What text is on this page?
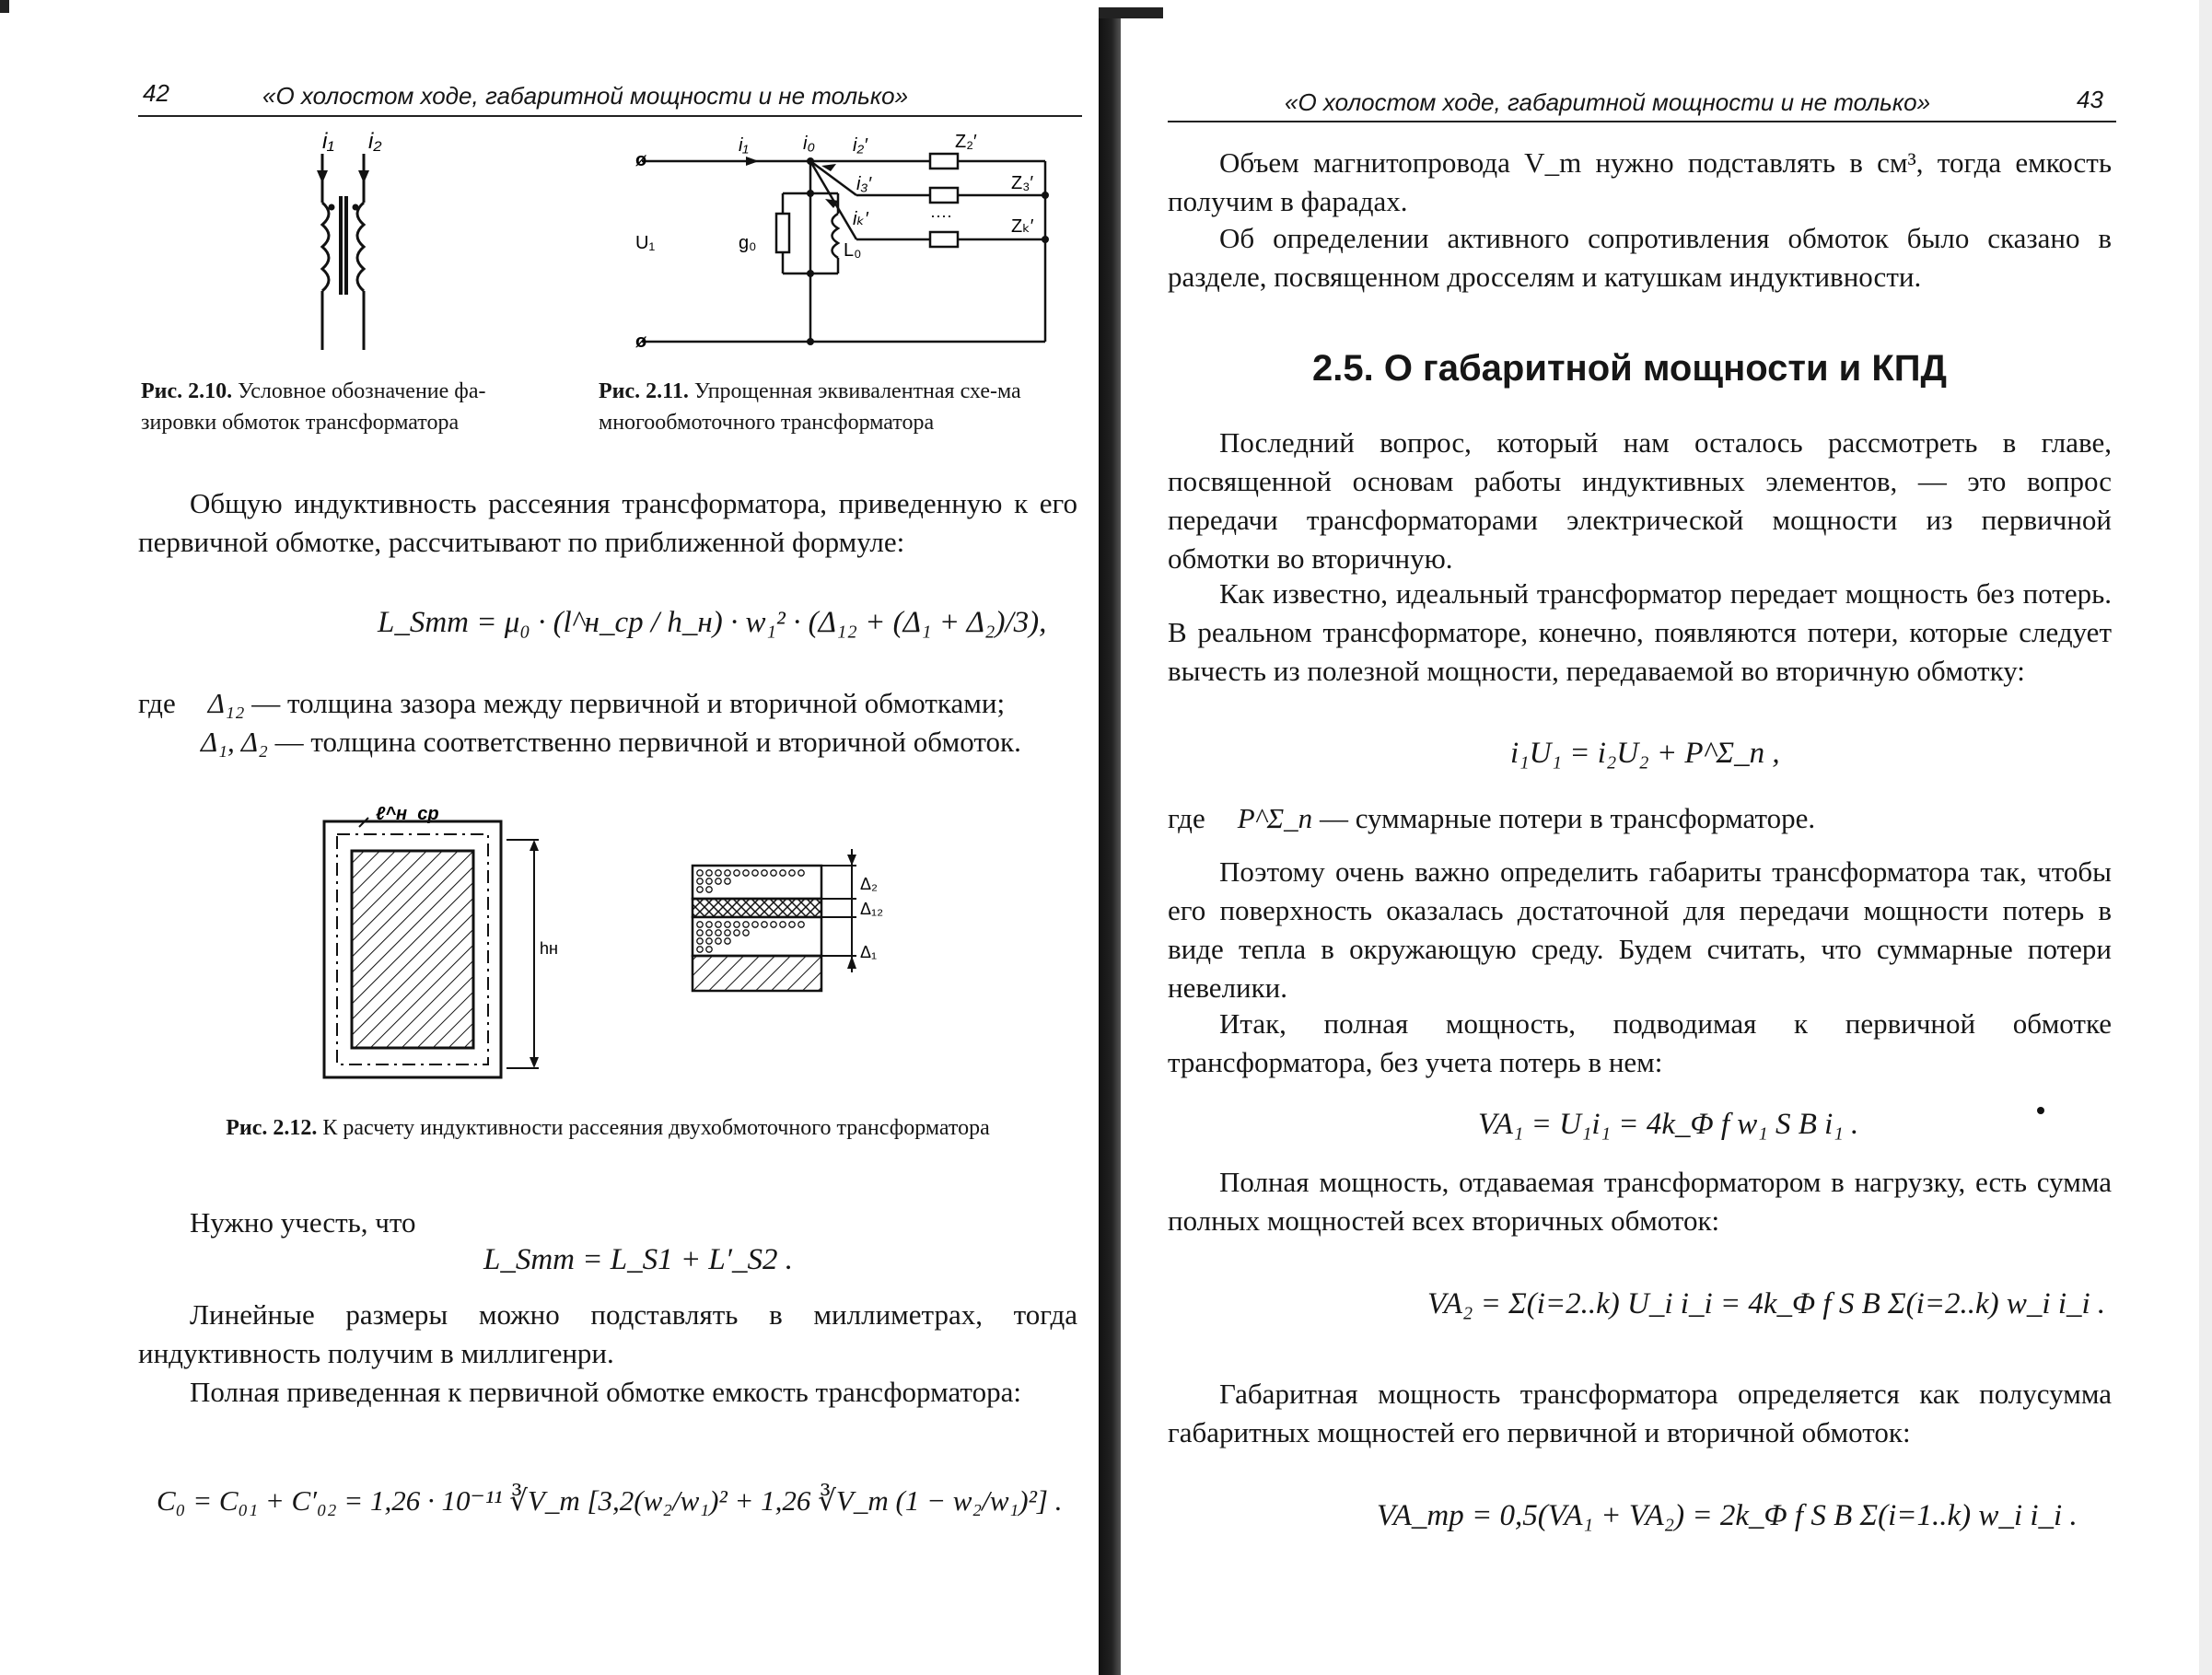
42	«О холостом ходе, габаритной мощности и не только»
i₁ i₂
ø
ø
i₁	i₀ i₂′
i₃′
iₖ′
Z₂′
Z₃′
····
Zₖ′
U₁	g₀	L₀
Рис. 2.10. Условное обозначение фа-зировки обмоток трансформатора
Рис. 2.11. Упрощенная эквивалентная схе-ма многообмоточного трансформатора
Общую индуктивность рассеяния трансформатора, приведенную к его первичной обмотке, рассчитывают по приближенной формуле:
L_Smm = μ₀ · (l^н_ср / h_н) · w₁² · (Δ₁₂ + (Δ₁ + Δ₂)/3),
где Δ₁₂ — толщина зазора между первичной и вторичной обмотками;
Δ₁, Δ₂ — толщина соответственно первичной и вторичной обмоток.
ℓ^н_ср
hн
Δ₂
Δ₁₂
Δ₁
Рис. 2.12. К расчету индуктивности рассеяния двухобмоточного трансформатора
Нужно учесть, что
L_Smm = L_S1 + L′_S2 .
Линейные размеры можно подставлять в миллиметрах, тогда индуктивность получим в миллигенри.
Полная приведенная к первичной обмотке емкость трансформатора:
C₀ = C₀₁ + C′₀₂ = 1,26 · 10⁻¹¹ ∛V_m [3,2(w₂/w₁)² + 1,26 ∛V_m (1 − w₂/w₁)²] .
«О холостом ходе, габаритной мощности и не только»	43
Объем магнитопровода V_m нужно подставлять в см³, тогда емкость получим в фарадах.
Об определении активного сопротивления обмоток было сказано в разделе, посвященном дросселям и катушкам индуктивности.
2.5. О габаритной мощности и КПД
Последний вопрос, который нам осталось рассмотреть в главе, посвященной основам работы индуктивных элементов, — это вопрос передачи трансформаторами электрической мощности из первичной обмотки во вторичную.
Как известно, идеальный трансформатор передает мощность без потерь. В реальном трансформаторе, конечно, появляются потери, которые следует вычесть из полезной мощности, передаваемой во вторичную обмотку:
i₁U₁ = i₂U₂ + P^Σ_n ,
где P^Σ_n — суммарные потери в трансформаторе.
Поэтому очень важно определить габариты трансформатора так, чтобы его поверхность оказалась достаточной для передачи мощности потерь в виде тепла в окружающую среду. Будем считать, что суммарные потери невелики.
Итак, полная мощность, подводимая к первичной обмотке трансформатора, без учета потерь в нем:
VA₁ = U₁i₁ = 4k_Φ f w₁ S B i₁ .
Полная мощность, отдаваемая трансформатором в нагрузку, есть сумма полных мощностей всех вторичных обмоток:
VA₂ = Σ(i=2..k) U_i i_i = 4k_Φ f S B Σ(i=2..k) w_i i_i .
Габаритная мощность трансформатора определяется как полусумма габаритных мощностей его первичной и вторичной обмоток:
VA_тр = 0,5(VA₁ + VA₂) = 2k_Φ f S B Σ(i=1..k) w_i i_i .
